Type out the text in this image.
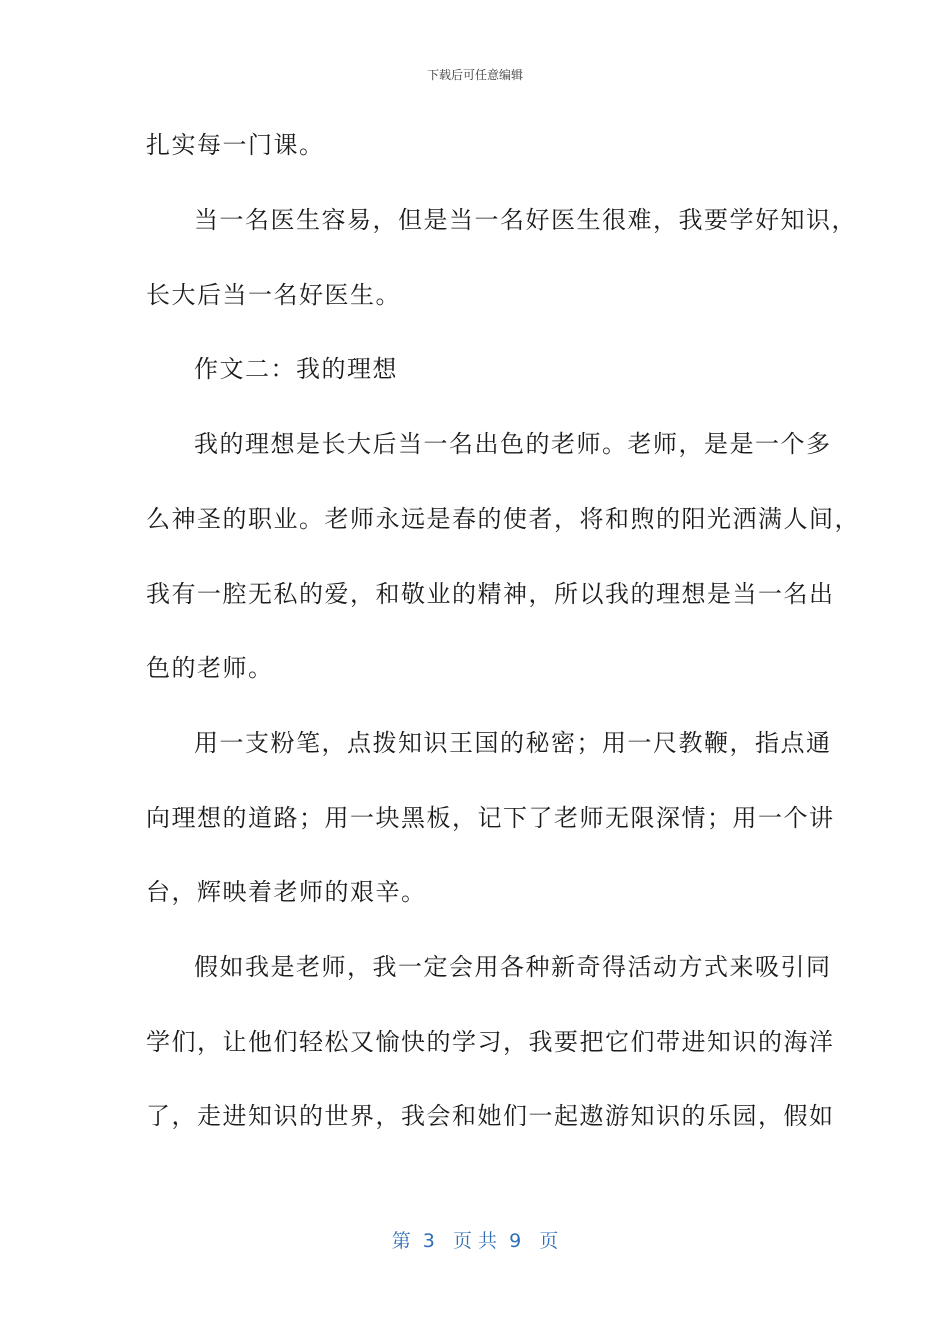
下载后可任意编辑
扎实每一门课。
当一名医生容易，但是当一名好医生很难，我要学好知识，
长大后当一名好医生。
作文二：我的理想
我的理想是长大后当一名出色的老师。老师，是是一个多
么神圣的职业。老师永远是春的使者，将和煦的阳光洒满人间，
我有一腔无私的爱，和敬业的精神，所以我的理想是当一名出
色的老师。
用一支粉笔，点拨知识王国的秘密；用一尺教鞭，指点通
向理想的道路；用一块黑板，记下了老师无限深情；用一个讲
台，辉映着老师的艰辛。
假如我是老师，我一定会用各种新奇得活动方式来吸引同
学们，让他们轻松又愉快的学习，我要把它们带进知识的海洋
了，走进知识的世界，我会和她们一起遨游知识的乐园，假如
第  3   页 共  9   页
